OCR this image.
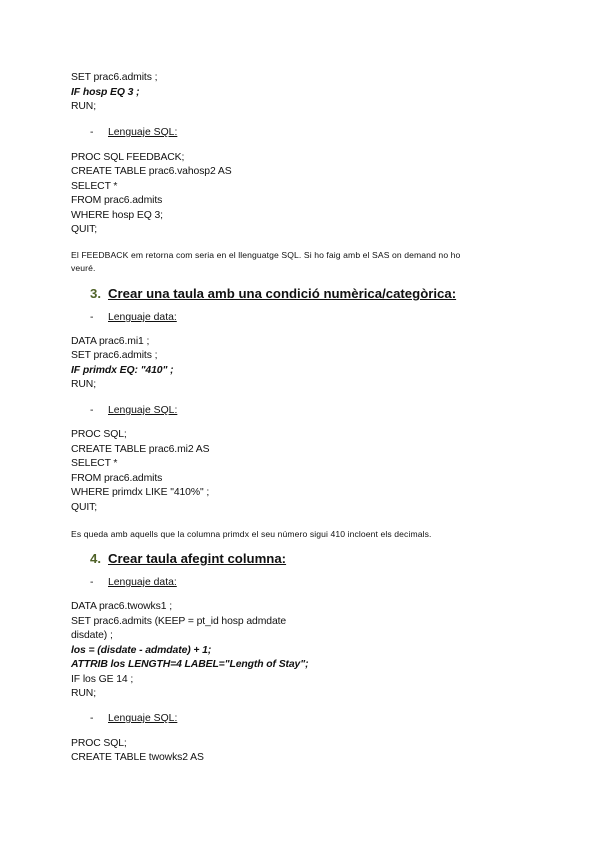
SET prac6.admits ;
IF hosp EQ 3 ;
RUN;
- Lenguaje SQL:
PROC SQL FEEDBACK;
CREATE TABLE prac6.vahosp2 AS
SELECT *
FROM prac6.admits
WHERE hosp EQ 3;
QUIT;
El FEEDBACK em retorna com seria en el llenguatge SQL. Si ho faig amb el SAS on demand no ho
veuré.
3. Crear una taula amb una condició numèrica/categòrica:
- Lenguaje data:
DATA prac6.mi1 ;
SET prac6.admits ;
IF primdx EQ: "410" ;
RUN;
- Lenguaje SQL:
PROC SQL;
CREATE TABLE prac6.mi2 AS
SELECT *
FROM prac6.admits
WHERE primdx LIKE "410%" ;
QUIT;
Es queda amb aquells que la columna primdx el seu número sigui 410 incloent els decimals.
4. Crear taula afegint columna:
- Lenguaje data:
DATA prac6.twowks1 ;
SET prac6.admits (KEEP = pt_id hosp admdate
disdate) ;
los = (disdate - admdate) + 1;
ATTRIB los LENGTH=4 LABEL="Length of Stay";
IF los GE 14 ;
RUN;
- Lenguaje SQL:
PROC SQL;
CREATE TABLE twowks2 AS
